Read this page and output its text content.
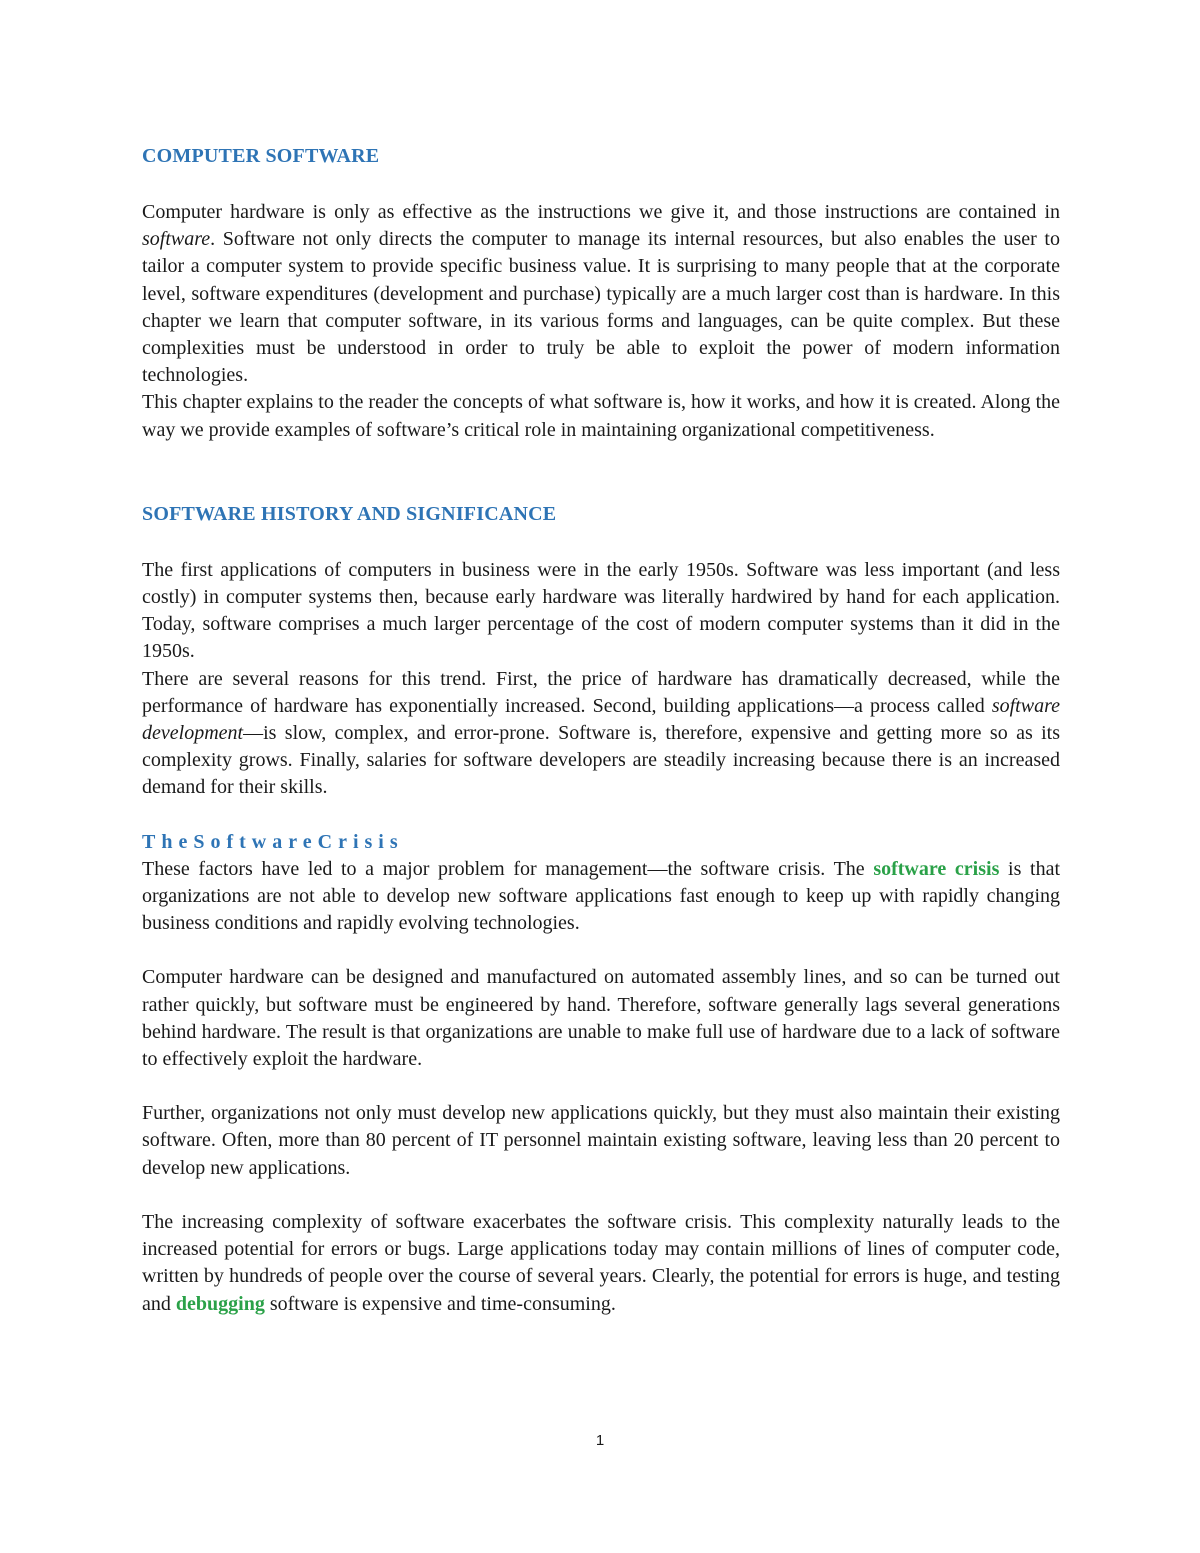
COMPUTER SOFTWARE

Computer hardware is only as effective as the instructions we give it, and those instructions are contained in software. Software not only directs the computer to manage its internal resources, but also enables the user to tailor a computer system to provide specific business value. It is surprising to many people that at the corporate level, software expenditures (development and purchase) typically are a much larger cost than is hardware. In this chapter we learn that computer software, in its various forms and languages, can be quite complex. But these complexities must be understood in order to truly be able to exploit the power of modern information technologies.

This chapter explains to the reader the concepts of what software is, how it works, and how it is created. Along the way we provide examples of software’s critical role in maintaining organizational competitiveness.

SOFTWARE HISTORY AND SIGNIFICANCE

The first applications of computers in business were in the early 1950s. Software was less important (and less costly) in computer systems then, because early hardware was literally hardwired by hand for each application. Today, software comprises a much larger percentage of the cost of modern computer systems than it did in the 1950s.

There are several reasons for this trend. First, the price of hardware has dramatically decreased, while the performance of hardware has exponentially increased. Second, building applications—a process called software development—is slow, complex, and error-prone. Software is, therefore, expensive and getting more so as its complexity grows. Finally, salaries for software developers are steadily increasing because there is an increased demand for their skills.

TheSoftwareCrisis

These factors have led to a major problem for management—the software crisis. The software crisis is that organizations are not able to develop new software applications fast enough to keep up with rapidly changing business conditions and rapidly evolving technologies.

Computer hardware can be designed and manufactured on automated assembly lines, and so can be turned out rather quickly, but software must be engineered by hand. Therefore, software generally lags several generations behind hardware. The result is that organizations are unable to make full use of hardware due to a lack of software to effectively exploit the hardware.

Further, organizations not only must develop new applications quickly, but they must also maintain their existing software. Often, more than 80 percent of IT personnel maintain existing software, leaving less than 20 percent to develop new applications.

The increasing complexity of software exacerbates the software crisis. This complexity naturally leads to the increased potential for errors or bugs. Large applications today may contain millions of lines of computer code, written by hundreds of people over the course of several years. Clearly, the potential for errors is huge, and testing and debugging software is expensive and time-consuming.

1
